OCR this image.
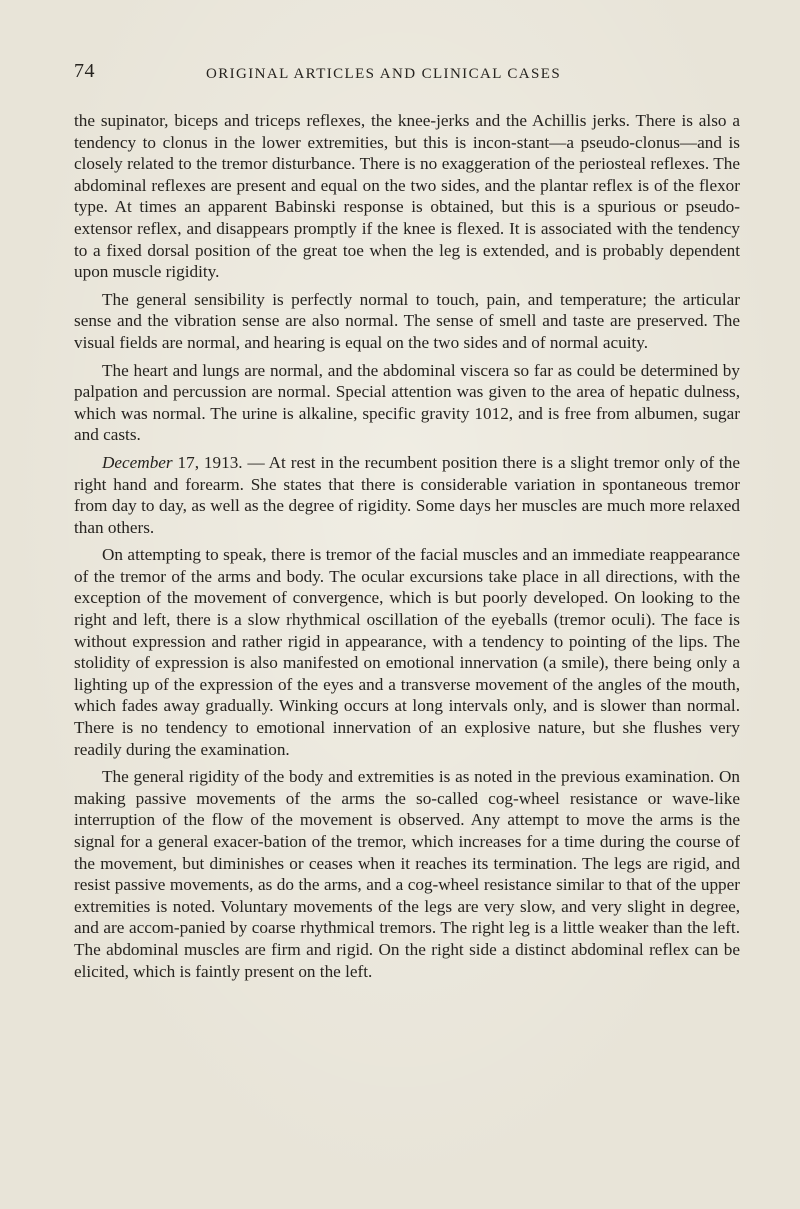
74	ORIGINAL ARTICLES AND CLINICAL CASES

the supinator, biceps and triceps reflexes, the knee-jerks and the Achillis jerks. There is also a tendency to clonus in the lower extremities, but this is incon-stant—a pseudo-clonus—and is closely related to the tremor disturbance. There is no exaggeration of the periosteal reflexes. The abdominal reflexes are present and equal on the two sides, and the plantar reflex is of the flexor type. At times an apparent Babinski response is obtained, but this is a spurious or pseudo-extensor reflex, and disappears promptly if the knee is flexed. It is associated with the tendency to a fixed dorsal position of the great toe when the leg is extended, and is probably dependent upon muscle rigidity.

The general sensibility is perfectly normal to touch, pain, and temperature; the articular sense and the vibration sense are also normal. The sense of smell and taste are preserved. The visual fields are normal, and hearing is equal on the two sides and of normal acuity.

The heart and lungs are normal, and the abdominal viscera so far as could be determined by palpation and percussion are normal. Special attention was given to the area of hepatic dulness, which was normal. The urine is alkaline, specific gravity 1012, and is free from albumen, sugar and casts.

December 17, 1913. — At rest in the recumbent position there is a slight tremor only of the right hand and forearm. She states that there is considerable variation in spontaneous tremor from day to day, as well as the degree of rigidity. Some days her muscles are much more relaxed than others.

On attempting to speak, there is tremor of the facial muscles and an immediate reappearance of the tremor of the arms and body. The ocular excursions take place in all directions, with the exception of the movement of convergence, which is but poorly developed. On looking to the right and left, there is a slow rhythmical oscillation of the eyeballs (tremor oculi). The face is without expression and rather rigid in appearance, with a tendency to pointing of the lips. The stolidity of expression is also manifested on emotional innervation (a smile), there being only a lighting up of the expression of the eyes and a transverse movement of the angles of the mouth, which fades away gradually. Winking occurs at long intervals only, and is slower than normal. There is no tendency to emotional innervation of an explosive nature, but she flushes very readily during the examination.

The general rigidity of the body and extremities is as noted in the previous examination. On making passive movements of the arms the so-called cog-wheel resistance or wave-like interruption of the flow of the movement is observed. Any attempt to move the arms is the signal for a general exacer-bation of the tremor, which increases for a time during the course of the movement, but diminishes or ceases when it reaches its termination. The legs are rigid, and resist passive movements, as do the arms, and a cog-wheel resistance similar to that of the upper extremities is noted. Voluntary movements of the legs are very slow, and very slight in degree, and are accom-panied by coarse rhythmical tremors. The right leg is a little weaker than the left. The abdominal muscles are firm and rigid. On the right side a distinct abdominal reflex can be elicited, which is faintly present on the left.
